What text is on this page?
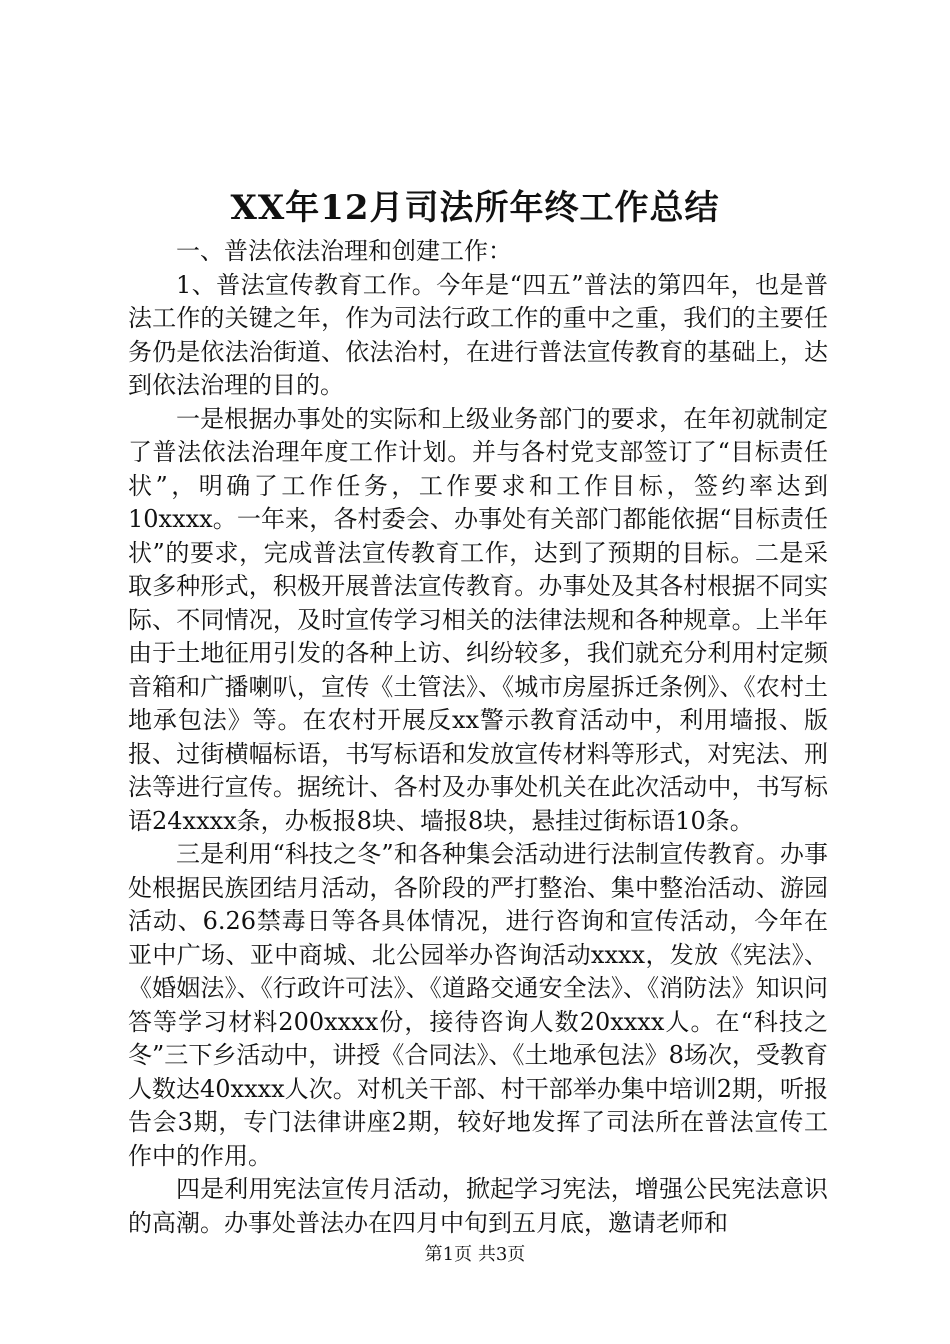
XX年12月司法所年终工作总结

一、普法依法治理和创建工作：

1、普法宣传教育工作。今年是“四五”普法的第四年，也是普法工作的关键之年，作为司法行政工作的重中之重，我们的主要任务仍是依法治街道、依法治村，在进行普法宣传教育的基础上，达到依法治理的目的。

一是根据办事处的实际和上级业务部门的要求，在年初就制定了普法依法治理年度工作计划。并与各村党支部签订了“目标责任状”，明确了工作任务，工作要求和工作目标，签约率达到10xxxx。一年来，各村委会、办事处有关部门都能依据“目标责任状”的要求，完成普法宣传教育工作，达到了预期的目标。二是采取多种形式，积极开展普法宣传教育。办事处及其各村根据不同实际、不同情况，及时宣传学习相关的法律法规和各种规章。上半年由于土地征用引发的各种上访、纠纷较多，我们就充分利用村定频音箱和广播喇叭，宣传《土管法》、《城市房屋拆迁条例》、《农村土地承包法》等。在农村开展反xx警示教育活动中，利用墙报、版报、过街横幅标语，书写标语和发放宣传材料等形式，对宪法、刑法等进行宣传。据统计、各村及办事处机关在此次活动中，书写标语24xxxx条，办板报8块、墙报8块，悬挂过街标语10条。

三是利用“科技之冬”和各种集会活动进行法制宣传教育。办事处根据民族团结月活动，各阶段的严打整治、集中整治活动、游园活动、6.26禁毒日等各具体情况，进行咨询和宣传活动，今年在亚中广场、亚中商城、北公园举办咨询活动xxxx，发放《宪法》、《婚姻法》、《行政许可法》、《道路交通安全法》、《消防法》知识问答等学习材料200xxxx份，接待咨询人数20xxxx人。在“科技之冬”三下乡活动中，讲授《合同法》、《土地承包法》8场次，受教育人数达40xxxx人次。对机关干部、村干部举办集中培训2期，听报告会3期，专门法律讲座2期，较好地发挥了司法所在普法宣传工作中的作用。

四是利用宪法宣传月活动，掀起学习宪法，增强公民宪法意识的高潮。办事处普法办在四月中旬到五月底，邀请老师和

第1页 共3页
